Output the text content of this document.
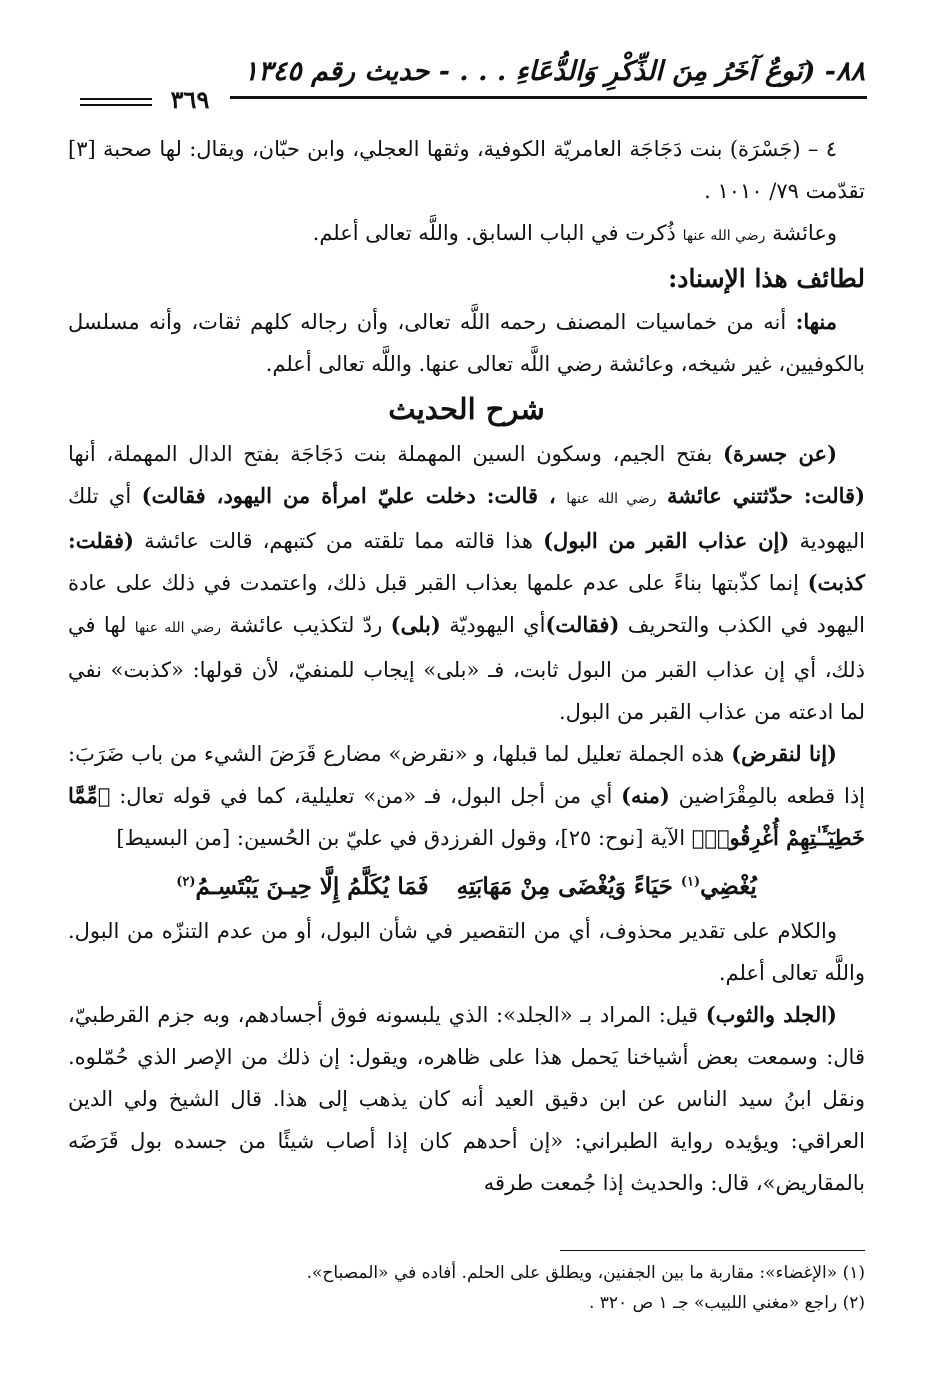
٨٨- (نَوعٌ آخَرُ مِنَ الذِّكْرِ وَالدُّعَاءِ . . . - حديث رقم ١٣٤٥
٣٦٩

٤ – (جَسْرَة) بنت دَجَاجَة العامريّة الكوفية، وثقها العجلي، وابن حبّان، ويقال: لها صحبة [٣] تقدّمت ٧٩/ ١٠١٠ .

وعائشة رضي الله عنها ذُكرت في الباب السابق. واللَّه تعالى أعلم.

لطائف هذا الإسناد:

منها: أنه من خماسيات المصنف رحمه اللَّه تعالى، وأن رجاله كلهم ثقات، وأنه مسلسل بالكوفيين، غير شيخه، وعائشة رضي اللَّه تعالى عنها. واللَّه تعالى أعلم.

شرح الحديث

(عن جسرة) بفتح الجيم، وسكون السين المهملة بنت دَجَاجَة بفتح الدال المهملة، أنها (قالت: حدّثتني عائشة رضي الله عنها ، قالت: دخلت عليّ امرأة من اليهود، فقالت) أي تلك اليهودية (إن عذاب القبر من البول) هذا قالته مما تلقته من كتبهم، قالت عائشة (فقلت: كذبت) إنما كذّبتها بناءً على عدم علمها بعذاب القبر قبل ذلك، واعتمدت في ذلك على عادة اليهود في الكذب والتحريف (فقالت)أي اليهوديّة (بلى) ردّ لتكذيب عائشة رضي الله عنها لها في ذلك، أي إن عذاب القبر من البول ثابت، فـ «بلى» إيجاب للمنفيّ، لأن قولها: «كذبت» نفي لما ادعته من عذاب القبر من البول.

(إنا لنقرض) هذه الجملة تعليل لما قبلها، و «نقرض» مضارع قَرَضَ الشيء من باب ضَرَبَ: إذا قطعه بالمِقْرَاضين (منه) أي من أجل البول، فـ «من» تعليلية، كما في قوله تعال: ﴿مِّمَّا خَطِيٓـَٔـٰتِهِمْ أُغْرِقُوا۟﴾ الآية [نوح: ٢٥]، وقول الفرزدق في عليّ بن الحُسين: [من البسيط]

يُغْضِي$^{(١)}$ حَيَاءً وَيُغْضَى مِنْ مَهَابَتِهِفَمَا يُكَلَّمُ إِلَّا حِيـنَ يَبْتَسِـمُ$^{(٢)}$

والكلام على تقدير محذوف، أي من التقصير في شأن البول، أو من عدم التنزّه من البول. واللَّه تعالى أعلم.

(الجلد والثوب) قيل: المراد بـ «الجلد»: الذي يلبسونه فوق أجسادهم، وبه جزم القرطبيّ، قال: وسمعت بعض أشياخنا يَحمل هذا على ظاهره، ويقول: إن ذلك من الإصر الذي حُمّلوه. ونقل ابنُ سيد الناس عن ابن دقيق العيد أنه كان يذهب إلى هذا. قال الشيخ ولي الدين العراقي: ويؤيده رواية الطبراني: «إن أحدهم كان إذا أصاب شيئًا من جسده بول قَرَضَه بالمقاريض»، قال: والحديث إذا جُمعت طرقه

(١) «الإغضاء»: مقاربة ما بين الجفنين، ويطلق على الحلم. أفاده في «المصباح».

(٢) راجع «مغني اللبيب» جـ ١ ص ٣٢٠ .
